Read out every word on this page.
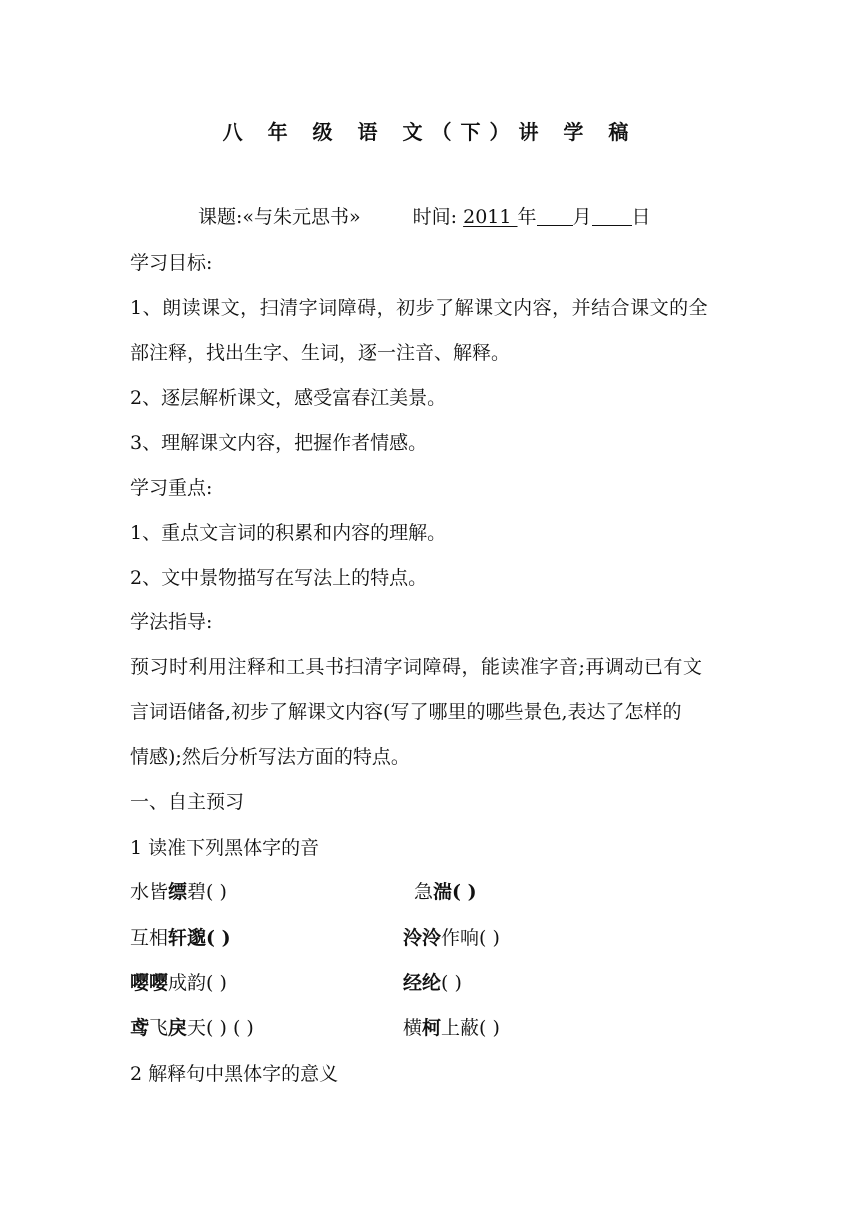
八 年 级 语 文（下）讲 学 稿
课题:«与朱元思书»	时间: 2011 年 月 日
学习目标:
1、朗读课文，扫清字词障碍，初步了解课文内容，并结合课文的全
部注释，找出生字、生词，逐一注音、解释。
2、逐层解析课文，感受富春江美景。
3、理解课文内容，把握作者情感。
学习重点:
1、重点文言词的积累和内容的理解。
2、文中景物描写在写法上的特点。
学法指导:
预习时利用注释和工具书扫清字词障碍，能读准字音;再调动已有文
言词语储备,初步了解课文内容(写了哪里的哪些景色,表达了怎样的
情感);然后分析写法方面的特点。
一、自主预习
1 读准下列黑体字的音
水皆缥碧( )	急湍( )
互相轩邈( )	泠泠作响( )
嘤嘤成韵( )	经纶( )
鸢飞戾天( ) ( )	横柯上蔽( )
2 解释句中黑体字的意义
